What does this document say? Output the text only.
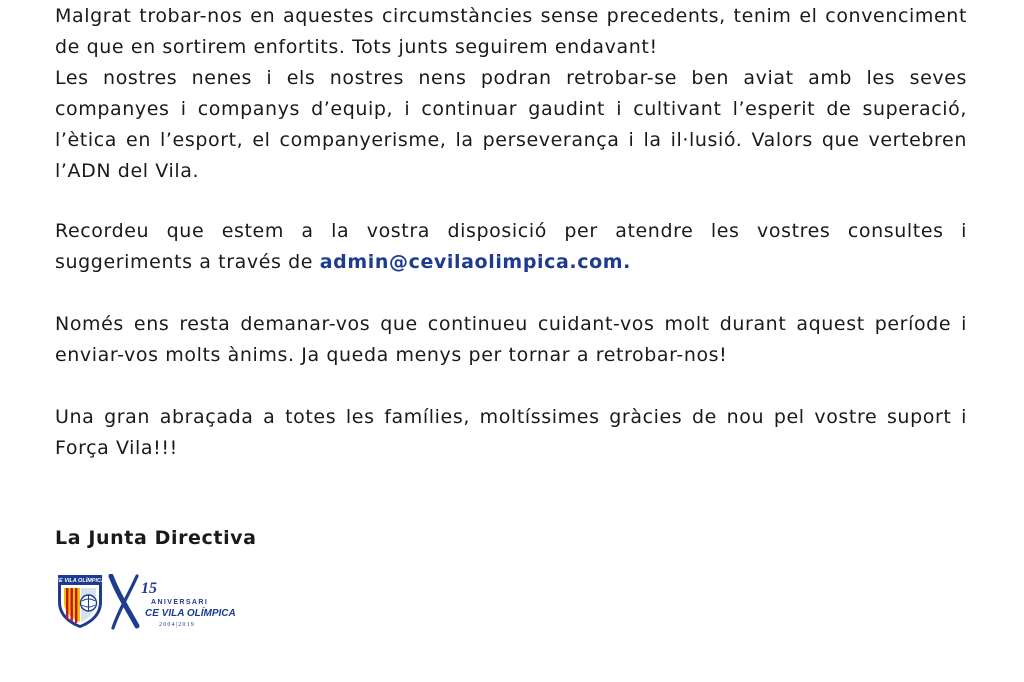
Malgrat trobar-nos en aquestes circumstàncies sense precedents, tenim el convenciment de que en sortirem enfortits. Tots junts seguirem endavant!
Les nostres nenes i els nostres nens podran retrobar-se ben aviat amb les seves companyes i companys d’equip, i continuar gaudint i cultivant l’esperit de superació, l’ètica en l’esport, el companyerisme, la perseverança i la il·lusió. Valors que vertebren l’ADN del Vila.

Recordeu que estem a la vostra disposició per atendre les vostres consultes i suggeriments a través de admin@cevilaolimpica.com.

Només ens resta demanar-vos que continueu cuidant-vos molt durant aquest període i enviar-vos molts ànims. Ja queda menys per tornar a retrobar-nos!

Una gran abraçada a totes les famílies, moltíssimes gràcies de nou pel vostre suport i Força Vila!!!

La Junta Directiva

CE VILA OLÍMPICA 15
ANIVERSARI
CE VILA OLÍMPICA
2004|2019
